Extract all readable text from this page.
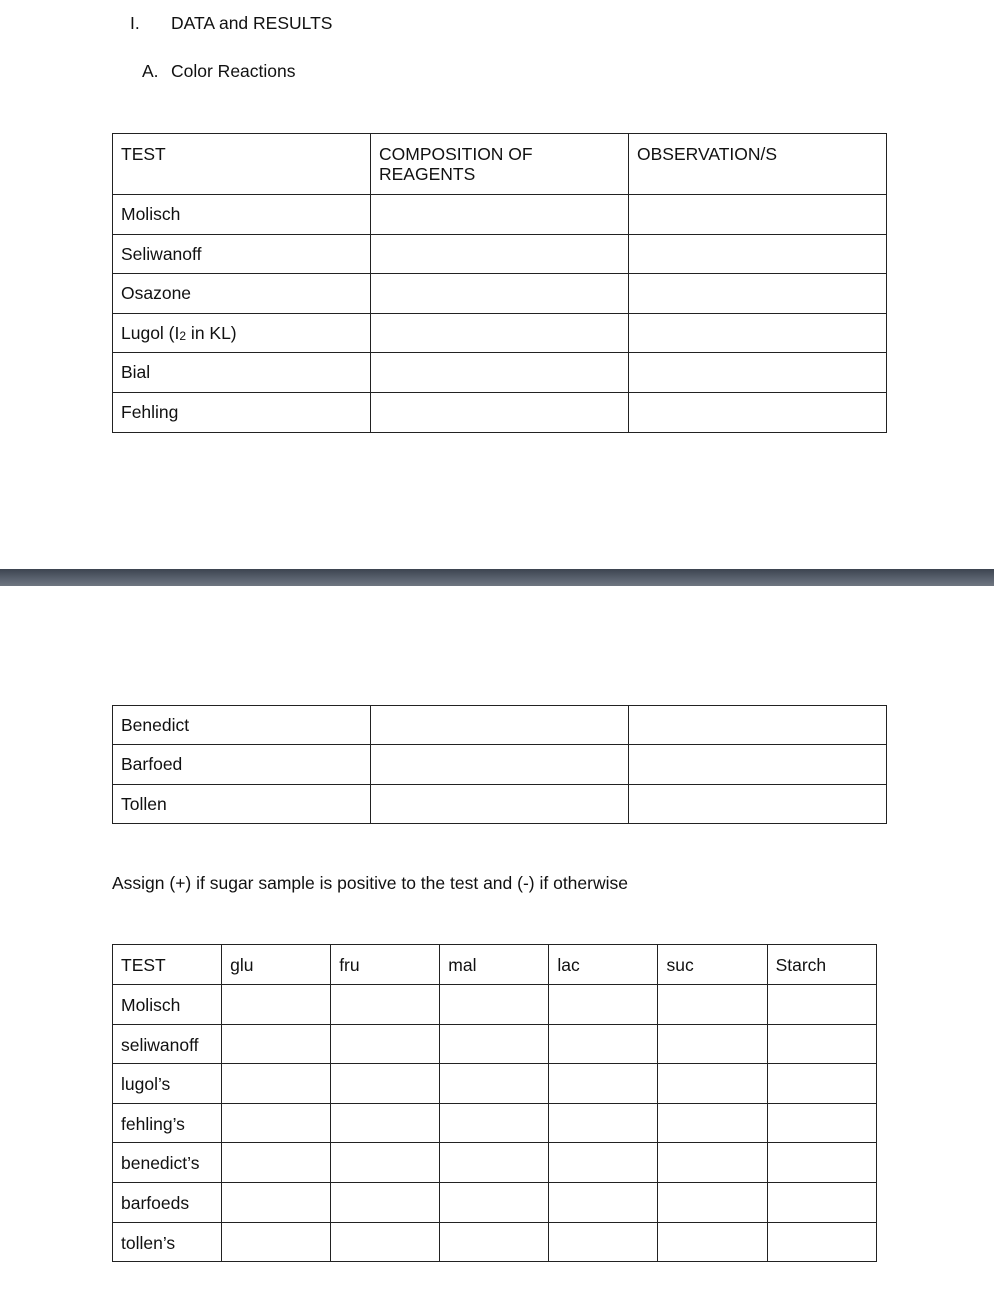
I. DATA and RESULTS
A. Color Reactions
TEST	COMPOSITION OF REAGENTS	OBSERVATION/S
Molisch		
Seliwanoff		
Osazone		
Lugol ($I_2$ in KL)		
Bial		
Fehling		
Benedict		
Barfoed		
Tollen		
Assign (+) if sugar sample is positive to the test and (-) if otherwise
TEST	glu	fru	mal	lac	suc	Starch
Molisch						
seliwanoff						
lugol’s						
fehling’s						
benedict’s						
barfoeds						
tollen’s						
